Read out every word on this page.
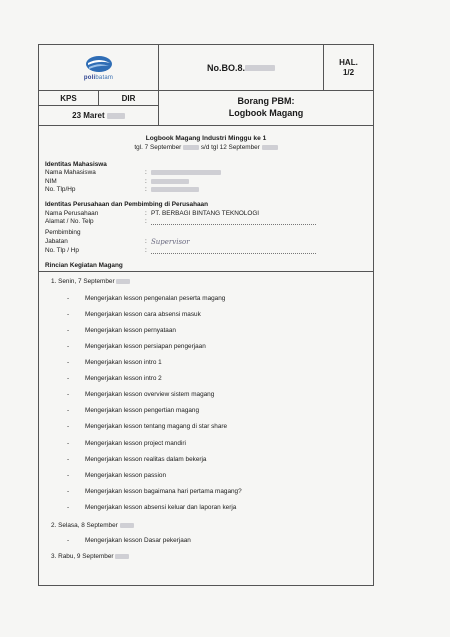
polibatam
No.BO.8.
HAL.
1/2
KPS	DIR
23 Maret

Borang PBM:
Logbook Magang
Logbook Magang Industri Minggu ke 1
tgl. 7 September	s/d tgl 12 September
Identitas Mahasiswa
Nama Mahasiswa	:
NIM	:
No. Tlp/Hp	:
Identitas Perusahaan dan Pembimbing di Perusahaan
Nama Perusahaan	: PT. BERBAGI BINTANG TEKNOLOGI
Alamat / No. Telp	:
Pembimbing
Jabatan	: Supervisor
No. Tlp / Hp	:
Rincian Kegiatan Magang
1. Senin, 7 September
-	Mengerjakan lesson pengenalan peserta magang
-	Mengerjakan lesson cara absensi masuk
-	Mengerjakan lesson pernyataan
-	Mengerjakan lesson persiapan pengerjaan
-	Mengerjakan lesson intro 1
-	Mengerjakan lesson intro 2
-	Mengerjakan lesson overview sistem magang
-	Mengerjakan lesson pengertian magang
-	Mengerjakan lesson tentang magang di star share
-	Mengerjakan lesson project mandiri
-	Mengerjakan lesson realitas dalam bekerja
-	Mengerjakan lesson passion
-	Mengerjakan lesson bagaimana hari pertama magang?
-	Mengerjakan lesson absensi keluar dan laporan kerja
2. Selasa, 8 September
-	Mengerjakan lesson Dasar pekerjaan
3. Rabu, 9 September
